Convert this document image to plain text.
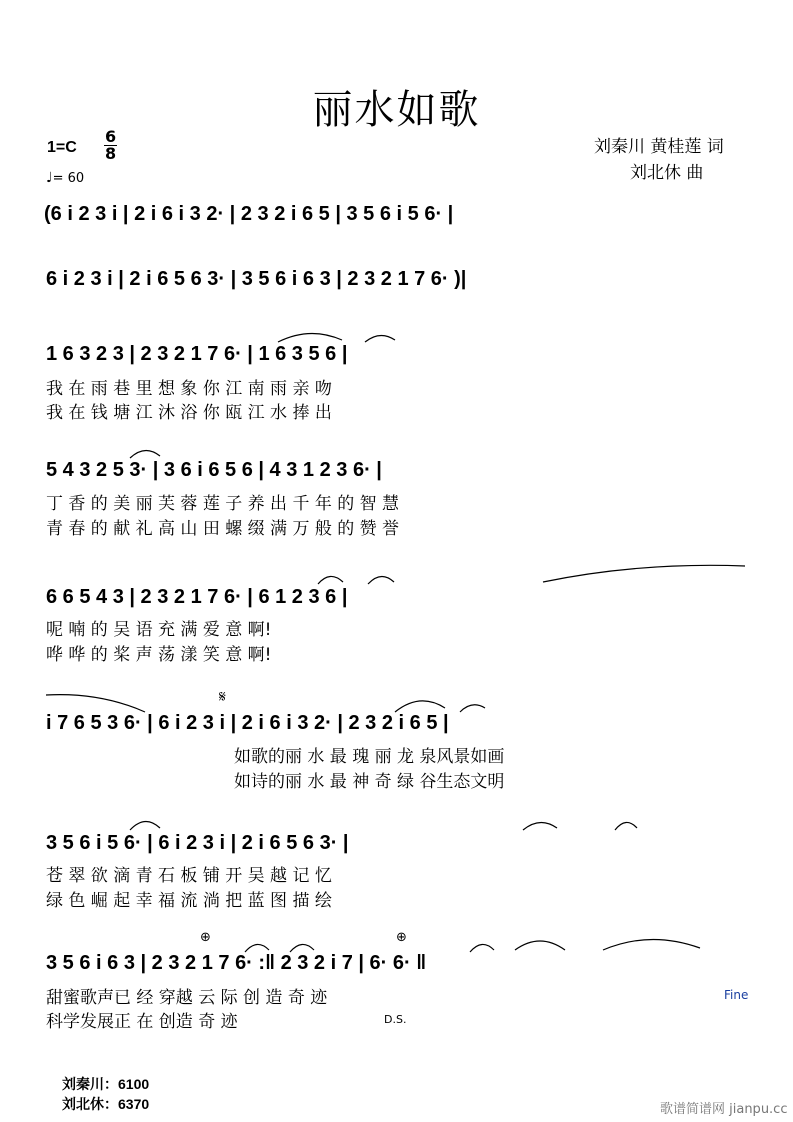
丽水如歌
刘秦川 黄桂莲 词
刘北休 曲
$1=C \frac{6}{8}$
♩= 60
(6 i 2 3 i | 2 i 6 i 3 2· | 2 3 2 i 6 5 | 3 5 6 i 5 6· |
6 i 2 3 i | 2 i 6 5 6 3· | 3 5 6 i 6 3 | 2 3 2 1 7 6· )|
1 6 3 2 3 | 2 3 2 1 7 6· | 1 6 3 5 6 |
我 在 雨 巷 里 想 象 你 江 南 雨 亲 吻
我 在 钱 塘 江 沐 浴 你 瓯 江 水 捧 出
5 4 3 2 5 3· | 3 6 i 6 5 6 | 4 3 1 2 3 6· |
丁 香 的 美 丽 芙 蓉 莲 子 养 出 千 年 的 智 慧
青 春 的 献 礼 高 山 田 螺 缀 满 万 般 的 赞 誉
6 6 5 4 3 | 2 3 2 1 7 6· | 6 1 2 3 6 |
呢 喃 的 吴 语 充 满 爱 意 啊!
哗 哗 的 桨 声 荡 漾 笑 意 啊!
𝄋
i 7 6 5 3 6· | 6 i 2 3 i | 2 i 6 i 3 2· | 2 3 2 i 6 5 |
如歌的丽 水 最 瑰 丽 龙 泉风景如画
如诗的丽 水 最 神 奇 绿 谷生态文明
3 5 6 i 5 6· | 6 i 2 3 i | 2 i 6 5 6 3· |
苍 翠 欲 滴 青 石 板 铺 开 吴 越 记 忆
绿 色 崛 起 幸 福 流 淌 把 蓝 图 描 绘
⊕	⊕
3 5 6 i 6 3 | 2 3 2 1 7 6· :‖ 2 3 2 i 7 | 6· 6· ‖
甜蜜歌声已 经 穿越 云 际 创 造 奇 迹
科学发展正 在 创造 奇 迹	D.S.
Fine
刘秦川：6100
刘北休：6370	歌谱简谱网 jianpu.cc
